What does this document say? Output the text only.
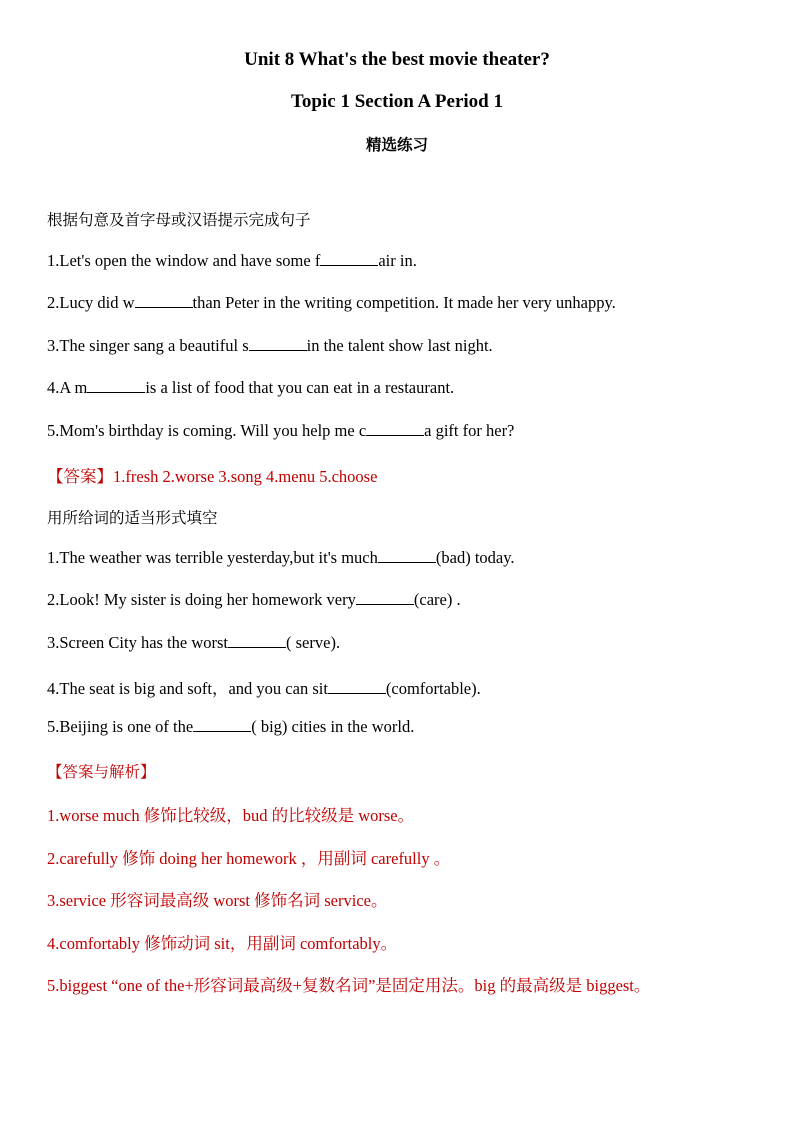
Unit 8 What's the best movie theater?
Topic 1 Section A Period 1
精选练习
根据句意及首字母或汉语提示完成句子
1.Let's open the window and have some f	air in.
2.Lucy did w	than Peter in the writing competition. It made her very unhappy.
3.The singer sang a beautiful s	in the talent show last night.
4.A m	is a list of food that you can eat in a restaurant.
5.Mom's birthday is coming. Will you help me c	a gift for her?
【答案】1.fresh 2.worse 3.song 4.menu 5.choose
用所给词的适当形式填空
1.The weather was terrible yesterday,but it's much	(bad) today.
2.Look! My sister is doing her homework very	(care) .
3.Screen City has the worst	( serve).
4.The seat is big and soft，and you can sit	(comfortable).
5.Beijing is one of the	( big) cities in the world.
【答案与解析】
1.worse much 修饰比较级，bud 的比较级是 worse。
2.carefully 修饰 doing her homework ，用副词 carefully 。
3.service 形容词最高级 worst 修饰名词 service。
4.comfortably 修饰动词 sit，用副词 comfortably。
5.biggest “one of the+形容词最高级+复数名词”是固定用法。big 的最高级是 biggest。
